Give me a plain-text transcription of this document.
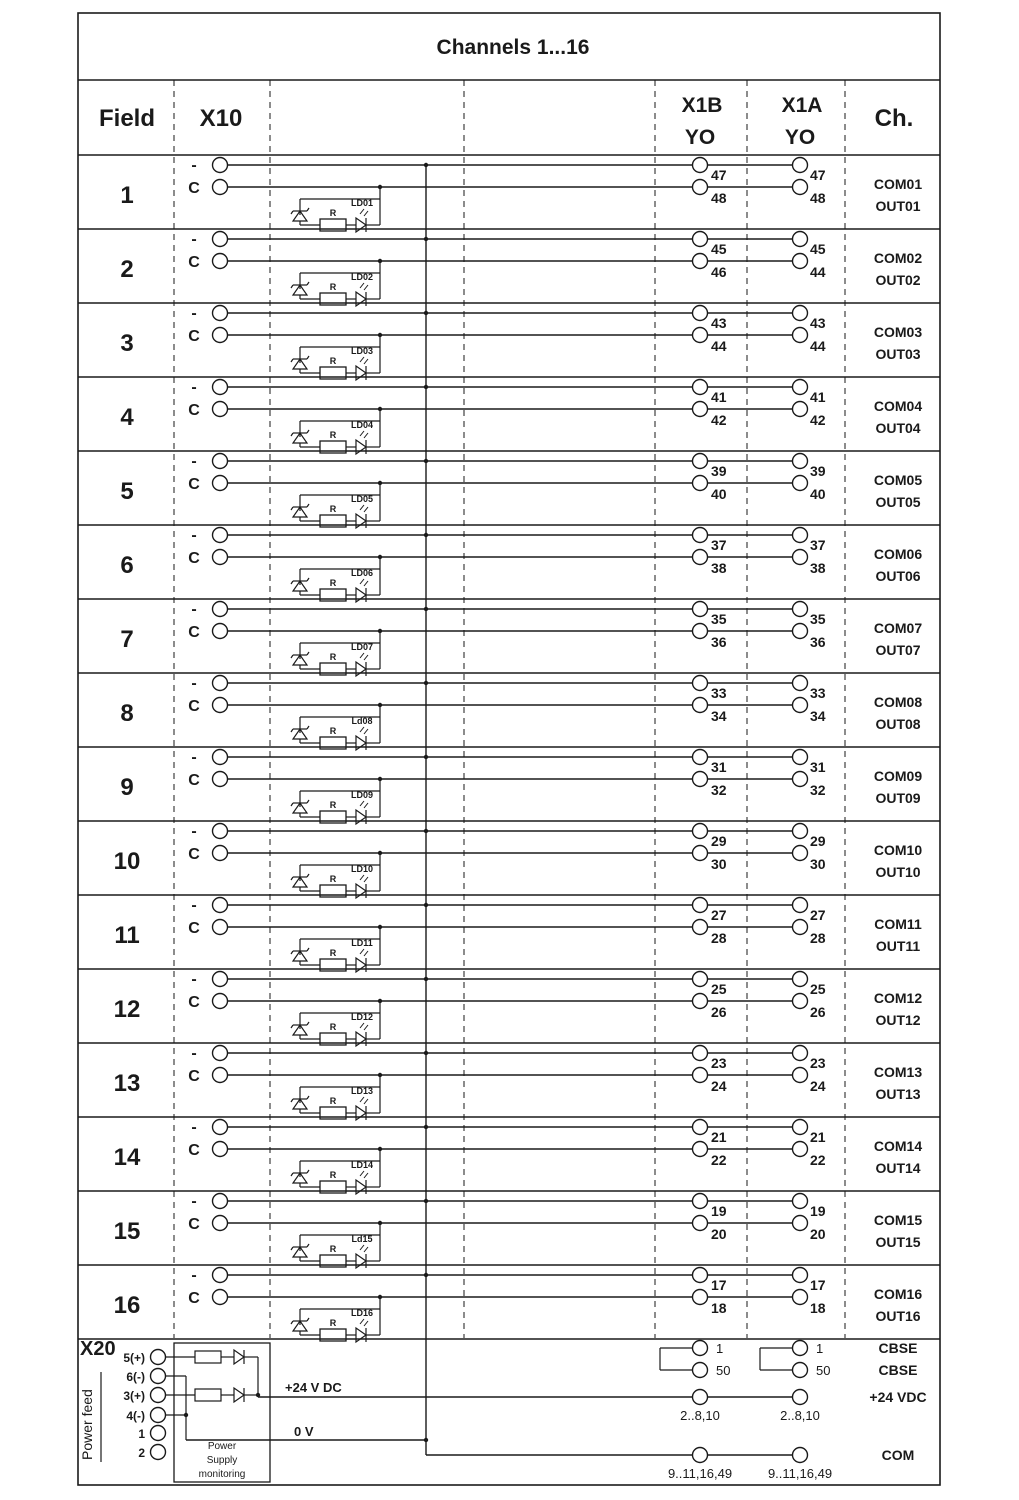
Channels 1...16
Field X10	X1B
YO
X1A
YO
Ch.
1
-
C
R
LD01
47
48
47
48
COM01
OUT01
2
-
C
R
LD02
45
46
45
44
COM02
OUT02
3
-
C
R
LD03
43
44
43
44
COM03
OUT03
4
-
C
R
LD04
41
42
41
42
COM04
OUT04
5
-
C
R
LD05
39
40
39
40
COM05
OUT05
6
-
C
R
LD06
37
38
37
38
COM06
OUT06
7
-
C
R
LD07
35
36
35
36
COM07
OUT07
8
-
C
R
Ld08
33
34
33
34
COM08
OUT08
9
-
C
R
LD09
31
32
31
32
COM09
OUT09
10
-
C
R
LD10
29
30
29
30
COM10
OUT10
11
-
C
R
LD11
27
28
27
28
COM11
OUT11
12
-
C
R
LD12
25
26
25
26
COM12
OUT12
13
-
C
R
LD13
23
24
23
24
COM13
OUT13
14
-
C
R
LD14
21
22
21
22
COM14
OUT14
15
-
C
R
Ld15
19
20
19
20
COM15
OUT15
16
-
C
R
LD16
17
18
17
18
COM16
OUT16
X20
Power feed
5(+)
6(-)
3(+)
4(-)
1
2	Power
Supply
monitoring
+24 V DC
0 V
1
50
2..8,10
9..11,16,49
1
50
2..8,10
9..11,16,49
CBSE
CBSE
+24 VDC
COM
